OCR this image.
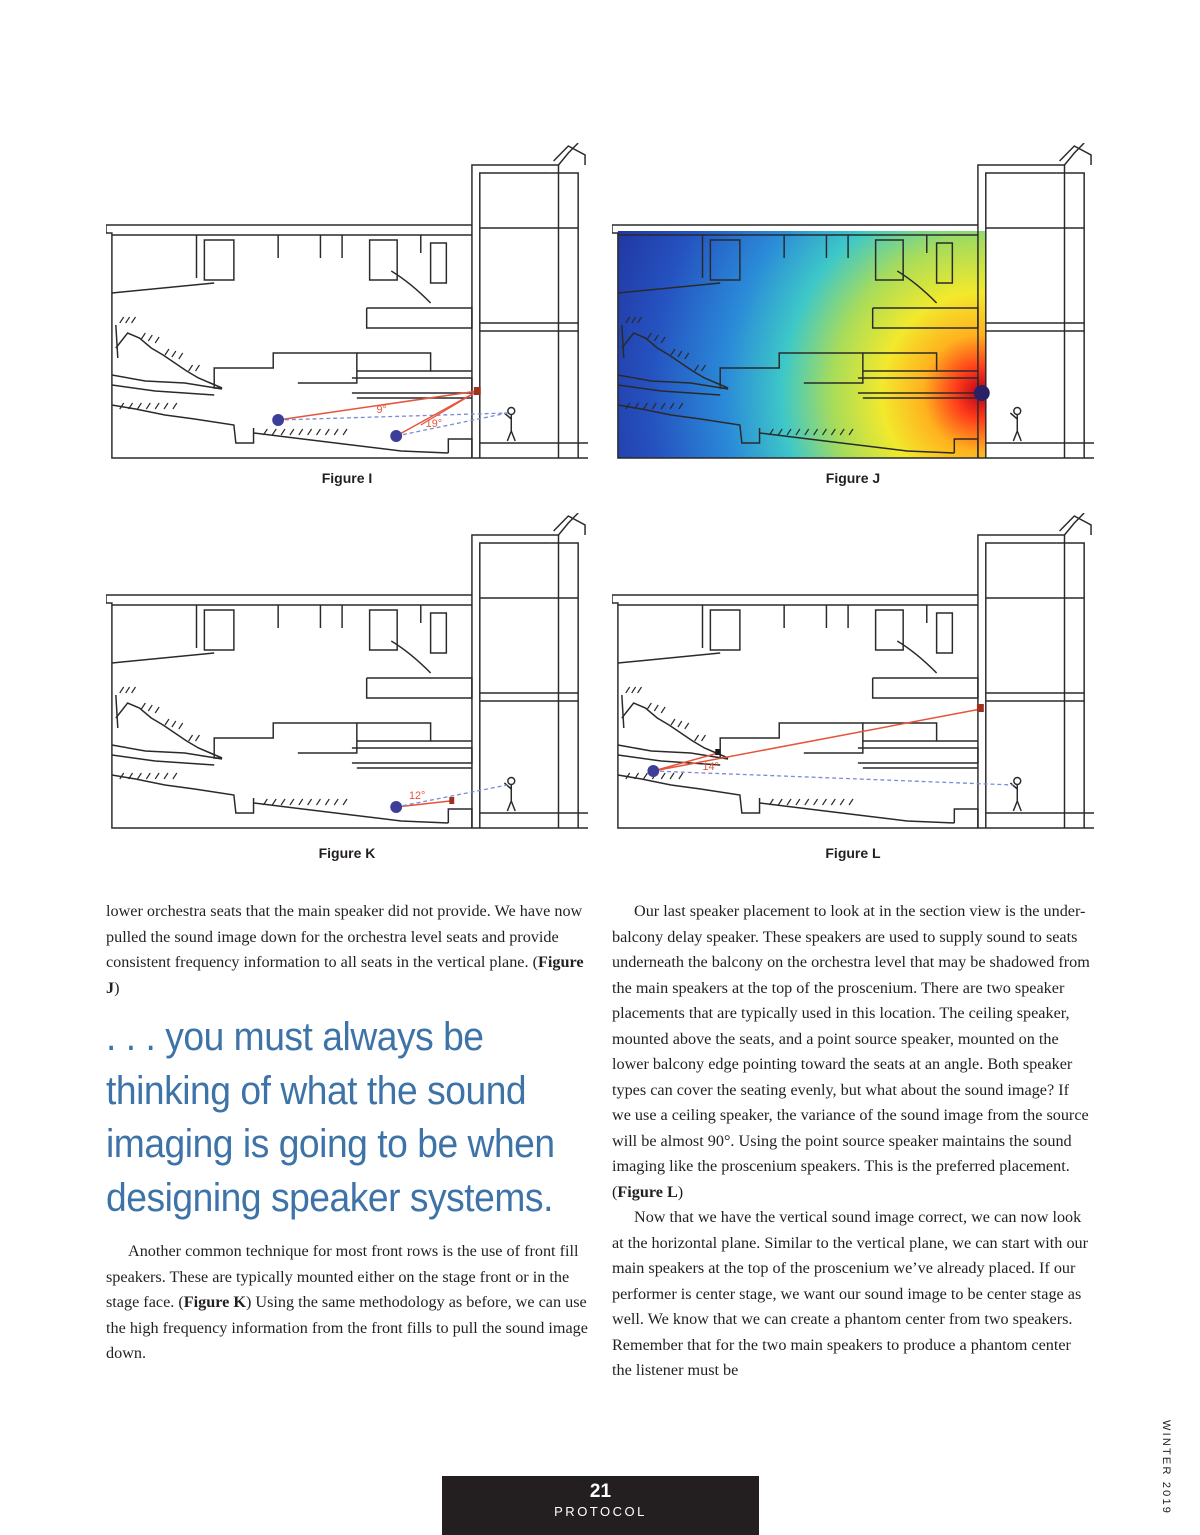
9°
19°
Figure I	Figure J
12°
Figure K
14°
Figure L

lower orchestra seats that the main speaker did not provide. We have now pulled the sound image down for the orchestra level seats and provide consistent frequency information to all seats in the vertical plane. (Figure J)

. . . you must always be thinking of what the sound imaging is going to be when designing speaker systems.

Another common technique for most front rows is the use of front fill speakers. These are typically mounted either on the stage front or in the stage face. (Figure K) Using the same methodology as before, we can use the high frequency information from the front fills to pull the sound image down.

Our last speaker placement to look at in the section view is the under-balcony delay speaker. These speakers are used to supply sound to seats underneath the balcony on the orchestra level that may be shadowed from the main speakers at the top of the proscenium. There are two speaker placements that are typically used in this location. The ceiling speaker, mounted above the seats, and a point source speaker, mounted on the lower balcony edge pointing toward the seats at an angle. Both speaker types can cover the seating evenly, but what about the sound image? If we use a ceiling speaker, the variance of the sound image from the source will be almost 90°. Using the point source speaker maintains the sound imaging like the proscenium speakers. This is the preferred placement. (Figure L)

Now that we have the vertical sound image correct, we can now look at the horizontal plane. Similar to the vertical plane, we can start with our main speakers at the top of the proscenium we’ve already placed. If our performer is center stage, we want our sound image to be center stage as well. We know that we can create a phantom center from two speakers. Remember that for the two main speakers to produce a phantom center the listener must be

21
PROTOCOL	WINTER 2019
